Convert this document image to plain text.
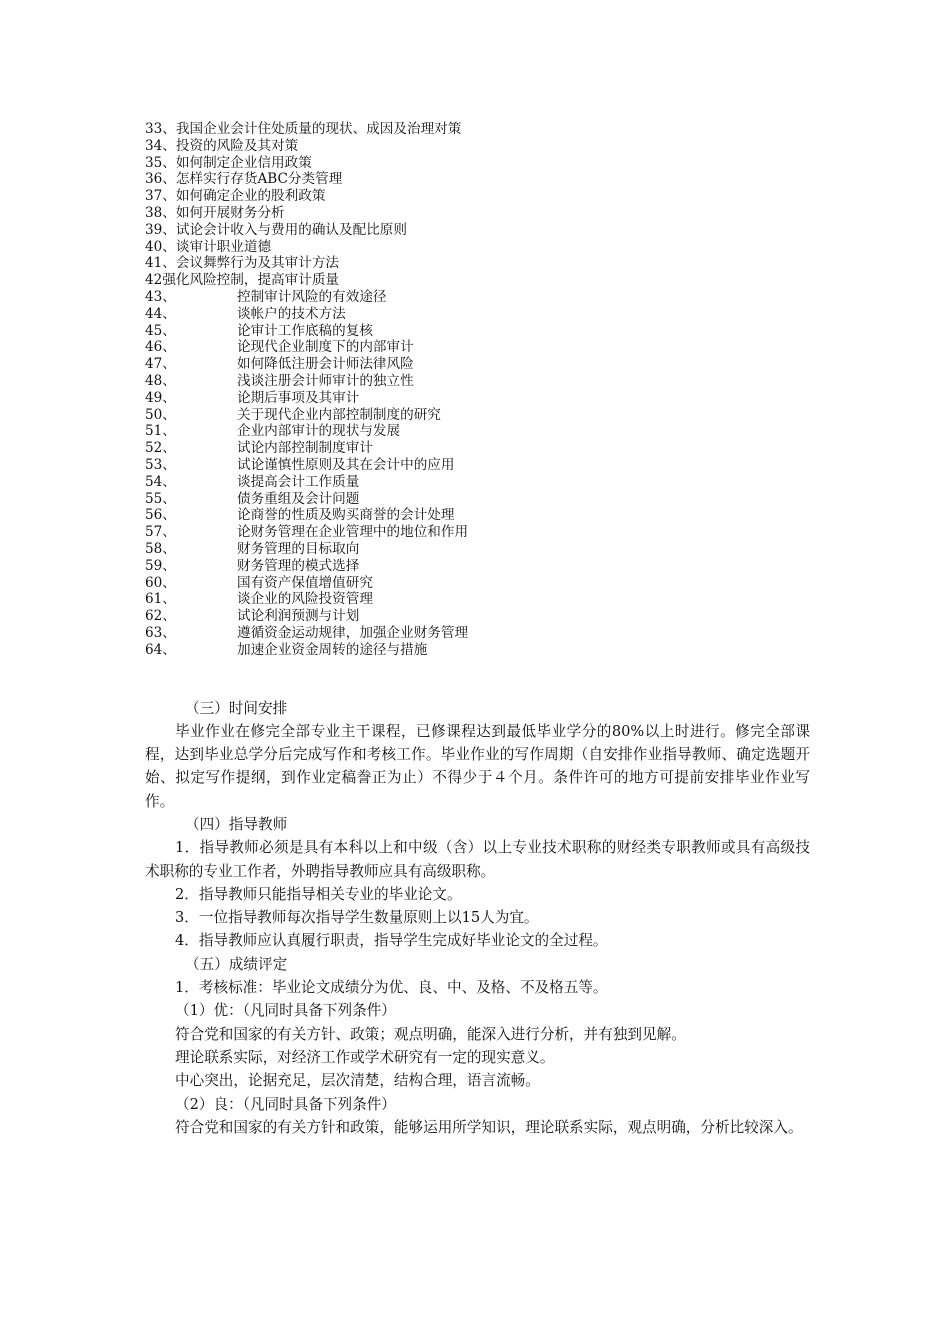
33、我国企业会计住处质量的现状、成因及治理对策
34、投资的风险及其对策
35、如何制定企业信用政策
36、怎样实行存货ABC分类管理
37、如何确定企业的股利政策
38、如何开展财务分析
39、试论会计收入与费用的确认及配比原则
40、谈审计职业道德
41、会议舞弊行为及其审计方法
42强化风险控制，提高审计质量
43、	控制审计风险的有效途径
44、	谈帐户的技术方法
45、	论审计工作底稿的复核
46、	论现代企业制度下的内部审计
47、	如何降低注册会计师法律风险
48、	浅谈注册会计师审计的独立性
49、	论期后事项及其审计
50、	关于现代企业内部控制制度的研究
51、	企业内部审计的现状与发展
52、	试论内部控制制度审计
53、	试论谨慎性原则及其在会计中的应用
54、	谈提高会计工作质量
55、	债务重组及会计问题
56、	论商誉的性质及购买商誉的会计处理
57、	论财务管理在企业管理中的地位和作用
58、	财务管理的目标取向
59、	财务管理的模式选择
60、	国有资产保值增值研究
61、	谈企业的风险投资管理
62、	试论利润预测与计划
63、	遵循资金运动规律，加强企业财务管理
64、	加速企业资金周转的途径与措施
（三）时间安排
毕业作业在修完全部专业主干课程，已修课程达到最低毕业学分的80%以上时进行。修完全部课程，达到毕业总学分后完成写作和考核工作。毕业作业的写作周期（自安排作业指导教师、确定选题开始、拟定写作提纲，到作业定稿誊正为止）不得少于４个月。条件许可的地方可提前安排毕业作业写作。
（四）指导教师
1．指导教师必须是具有本科以上和中级（含）以上专业技术职称的财经类专职教师或具有高级技术职称的专业工作者，外聘指导教师应具有高级职称。
2．指导教师只能指导相关专业的毕业论文。
3．一位指导教师每次指导学生数量原则上以15人为宜。
4．指导教师应认真履行职责，指导学生完成好毕业论文的全过程。
（五）成绩评定
1．考核标准：毕业论文成绩分为优、良、中、及格、不及格五等。
（1）优：（凡同时具备下列条件）
符合党和国家的有关方针、政策；观点明确，能深入进行分析，并有独到见解。
理论联系实际，对经济工作或学术研究有一定的现实意义。
中心突出，论据充足，层次清楚，结构合理，语言流畅。
（2）良：（凡同时具备下列条件）
符合党和国家的有关方针和政策，能够运用所学知识，理论联系实际，观点明确，分析比较深入。
